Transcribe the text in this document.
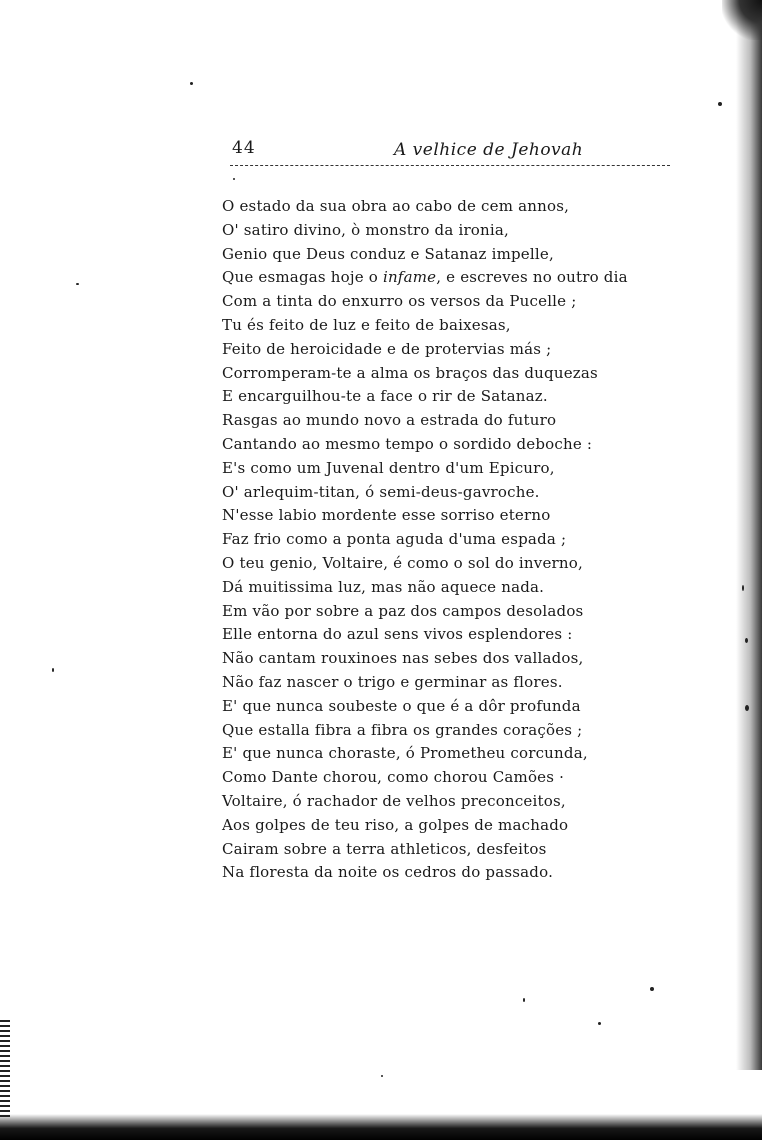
44	A velhice de Jehovah
O estado da sua obra ao cabo de cem annos,
O' satiro divino, ò monstro da ironia,
Genio que Deus conduz e Satanaz impelle,
Que esmagas hoje o infame, e escreves no outro dia
Com a tinta do enxurro os versos da Pucelle ;
Tu és feito de luz e feito de baixesas,
Feito de heroicidade e de protervias más ;
Corromperam-te a alma os braços das duquezas
E encarguilhou-te a face o rir de Satanaz.
Rasgas ao mundo novo a estrada do futuro
Cantando ao mesmo tempo o sordido deboche :
E's como um Juvenal dentro d'um Epicuro,
O' arlequim-titan, ó semi-deus-gavroche.
N'esse labio mordente esse sorriso eterno
Faz frio como a ponta aguda d'uma espada ;
O teu genio, Voltaire, é como o sol do inverno,
Dá muitissima luz, mas não aquece nada.
Em vão por sobre a paz dos campos desolados
Elle entorna do azul sens vivos esplendores :
Não cantam rouxinoes nas sebes dos vallados,
Não faz nascer o trigo e germinar as flores.
E' que nunca soubeste o que é a dôr profunda
Que estalla fibra a fibra os grandes corações ;
E' que nunca choraste, ó Prometheu corcunda,
Como Dante chorou, como chorou Camões ·
Voltaire, ó rachador de velhos preconceitos,
Aos golpes de teu riso, a golpes de machado
Cairam sobre a terra athleticos, desfeitos
Na floresta da noite os cedros do passado.
